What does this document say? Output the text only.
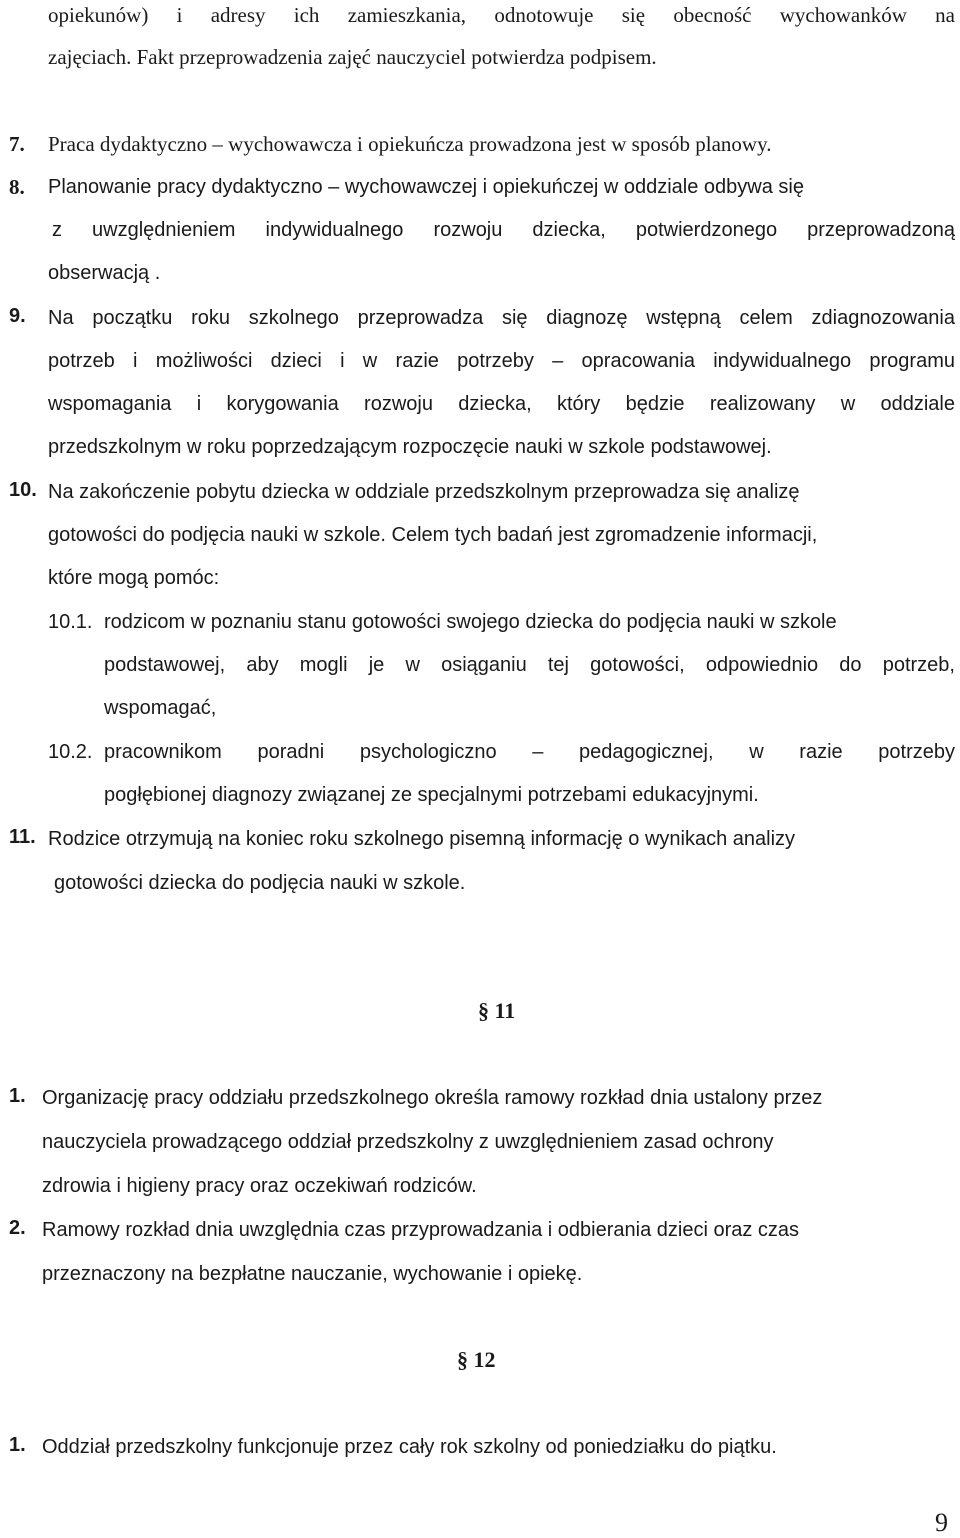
opiekunów) i adresy ich zamieszkania, odnotowuje się obecność wychowanków na
zajęciach. Fakt przeprowadzenia zajęć nauczyciel potwierdza podpisem.
7. Praca dydaktyczno – wychowawcza i opiekuńcza prowadzona jest w sposób planowy.
8. Planowanie pracy dydaktyczno – wychowawczej i opiekuńczej w oddziale odbywa się
z uwzględnieniem indywidualnego rozwoju dziecka, potwierdzonego przeprowadzoną
obserwacją .
9. Na początku roku szkolnego przeprowadza się diagnozę wstępną celem zdiagnozowania
potrzeb i możliwości dzieci i w razie potrzeby – opracowania indywidualnego programu
wspomagania i korygowania rozwoju dziecka, który będzie realizowany w oddziale
przedszkolnym w roku poprzedzającym rozpoczęcie nauki w szkole podstawowej.
10. Na zakończenie pobytu dziecka w oddziale przedszkolnym przeprowadza się analizę
gotowości do podjęcia nauki w szkole. Celem tych badań jest zgromadzenie informacji,
które mogą pomóc:
10.1. rodzicom w poznaniu stanu gotowości swojego dziecka do podjęcia nauki w szkole
podstawowej, aby mogli je w osiąganiu tej gotowości, odpowiednio do potrzeb,
wspomagać,
10.2. pracownikom poradni psychologiczno – pedagogicznej, w razie potrzeby
pogłębionej diagnozy związanej ze specjalnymi potrzebami edukacyjnymi.
11. Rodzice otrzymują na koniec roku szkolnego pisemną informację o wynikach analizy
gotowości dziecka do podjęcia nauki w szkole.
§ 11
1. Organizację pracy oddziału przedszkolnego określa ramowy rozkład dnia ustalony przez
nauczyciela prowadzącego oddział przedszkolny z uwzględnieniem zasad ochrony
zdrowia i higieny pracy oraz oczekiwań rodziców.
2. Ramowy rozkład dnia uwzględnia czas przyprowadzania i odbierania dzieci oraz czas
przeznaczony na bezpłatne nauczanie, wychowanie i opiekę.
§ 12
1. Oddział przedszkolny funkcjonuje przez cały rok szkolny od poniedziałku do piątku.
9
